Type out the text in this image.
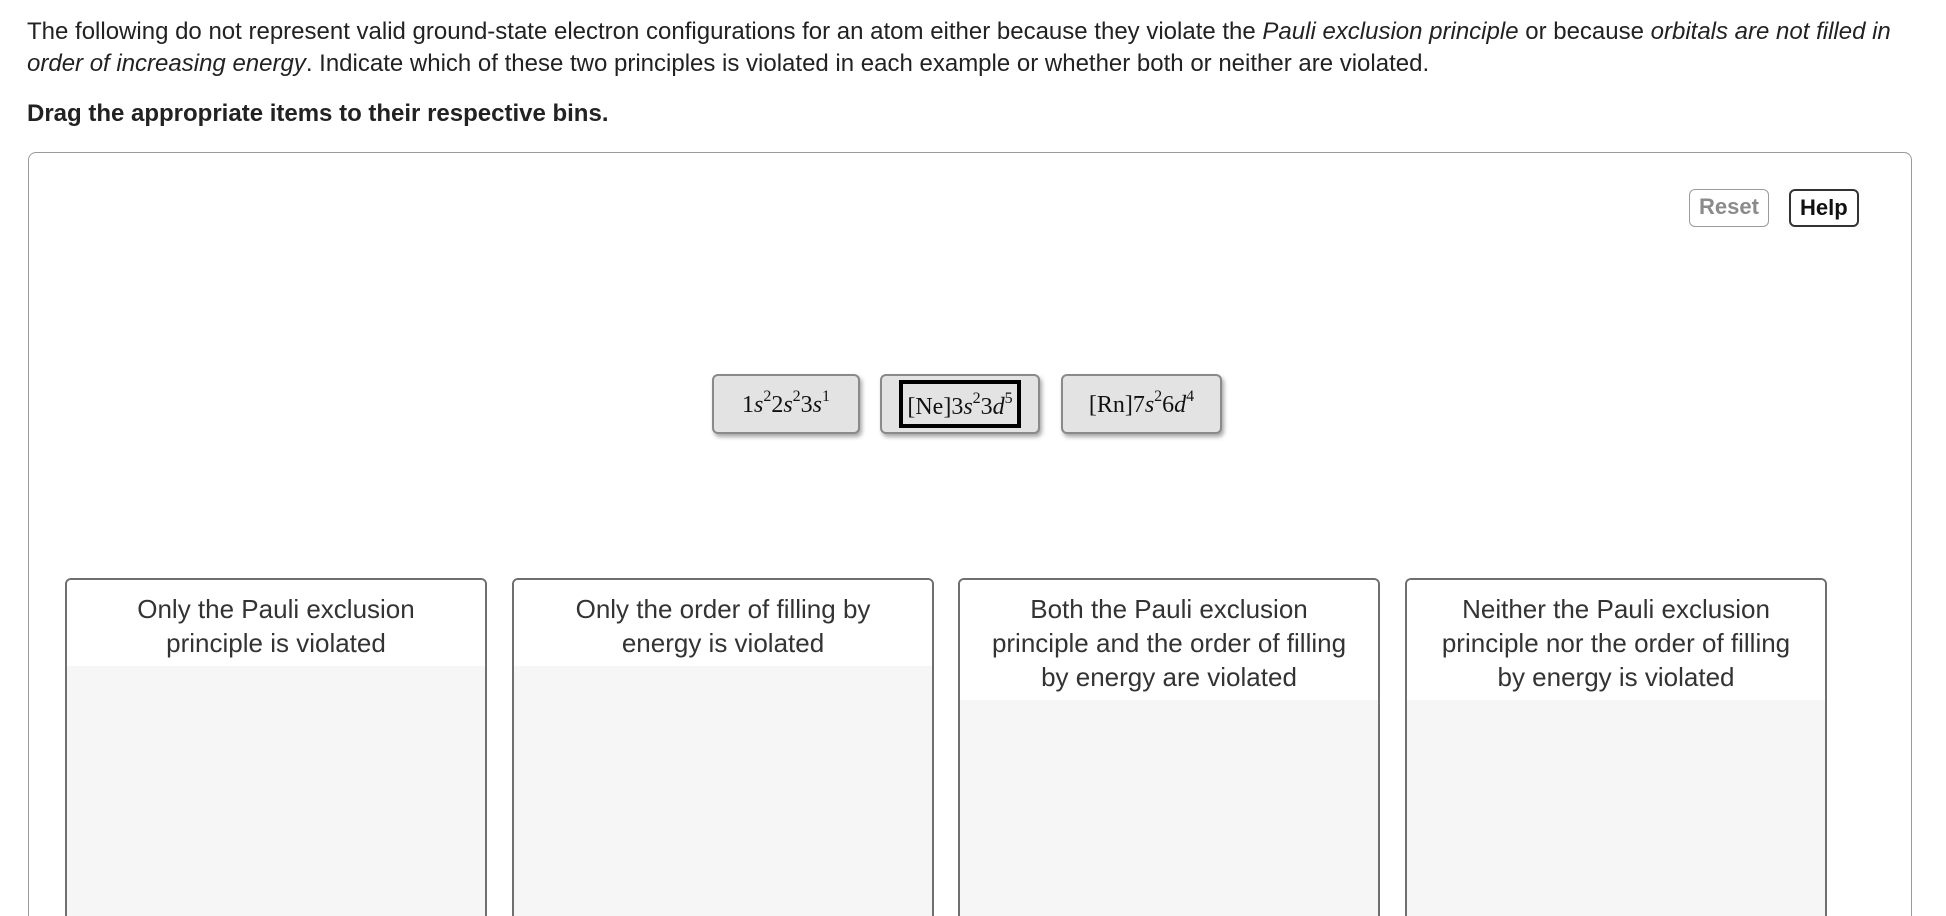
The following do not represent valid ground-state electron configurations for an atom either because they violate the Pauli exclusion principle or because orbitals are not filled in order of increasing energy. Indicate which of these two principles is violated in each example or whether both or neither are violated.
Drag the appropriate items to their respective bins.
Reset	Help
$1s^22s^23s^1$	$[Ne]3s^23d^5$	$[Rn]7s^26d^4$
Only the Pauli exclusion principle is violated
Only the order of filling by energy is violated
Both the Pauli exclusion principle and the order of filling by energy are violated
Neither the Pauli exclusion principle nor the order of filling by energy is violated
